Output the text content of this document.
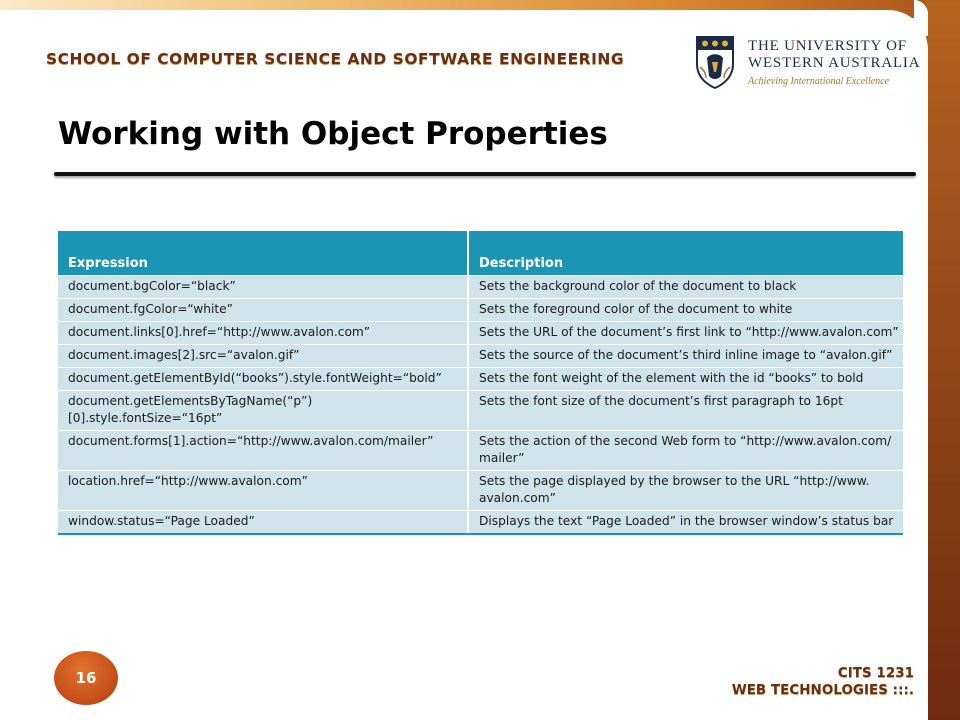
SCHOOL OF COMPUTER SCIENCE AND SOFTWARE ENGINEERING
THE UNIVERSITY OF
WESTERN AUSTRALIA
Achieving International Excellence
Working with Object Properties
Expression	Description
document.bgColor=“black”	Sets the background color of the document to black
document.fgColor=“white”	Sets the foreground color of the document to white
document.links[0].href=“http://www.avalon.com”	Sets the URL of the document’s first link to “http://www.avalon.com”
document.images[2].src=“avalon.gif”	Sets the source of the document’s third inline image to “avalon.gif”
document.getElementById(“books”).style.fontWeight=“bold”	Sets the font weight of the element with the id “books” to bold
document.getElementsByTagName(“p”)[0].style.fontSize=“16pt”	Sets the font size of the document’s first paragraph to 16pt
document.forms[1].action=“http://www.avalon.com/mailer”	Sets the action of the second Web form to “http://www.avalon.com/ mailer”
location.href=“http://www.avalon.com”	Sets the page displayed by the browser to the URL “http://www. avalon.com”
window.status=“Page Loaded”	Displays the text “Page Loaded” in the browser window’s status bar
16	CITS 1231
WEB TECHNOLOGIES :::.
